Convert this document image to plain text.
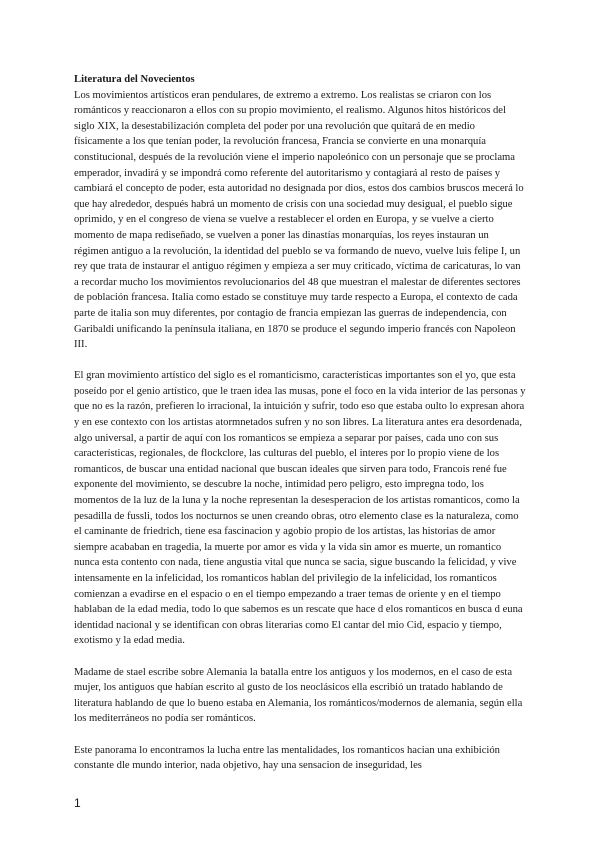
Literatura del Novecientos

Los movimientos artísticos eran pendulares, de extremo a extremo. Los realistas se criaron con los románticos y reaccionaron a ellos con su propio movimiento, el realismo. Algunos hitos históricos del siglo XIX, la desestabilización completa del poder por una revolución que quitará de en medio físicamente a los que tenían poder, la revolución francesa, Francia se convierte en una monarquía constitucional, después de la revolución viene el imperio napoleónico con un personaje que se proclama emperador, invadirá y se impondrá como referente del autoritarismo y contagiará al resto de países y cambiará el concepto de poder, esta autoridad no designada por dios, estos dos cambios bruscos mecerá lo que hay alrededor, después habrá un momento de crisis con una sociedad muy desigual, el pueblo sigue oprimido, y en el congreso de viena se vuelve a restablecer el orden en Europa, y se vuelve a cierto momento de mapa rediseñado, se vuelven a poner las dinastías monarquías, los reyes instauran un régimen antiguo a la revolución, la identidad del pueblo se va formando de nuevo, vuelve luis felipe I, un rey que trata de instaurar el antiguo régimen y empieza a ser muy criticado, víctima de caricaturas, lo van a recordar mucho los movimientos revolucionarios del 48 que muestran el malestar de diferentes sectores de población francesa. Italia como estado se constituye muy tarde respecto a Europa, el contexto de cada parte de italia son muy diferentes, por contagio de francia empiezan las guerras de independencia, con Garibaldi unificando la península italiana, en 1870 se produce el segundo imperio francés con Napoleon III.

El gran movimiento artístico del siglo es el romanticismo, características importantes son el yo, que esta poseído por el genio artístico, que le traen idea las musas, pone el foco en la vida interior de las personas y que no es la razón, prefieren lo irracional, la intuición y sufrir, todo eso que estaba oulto lo expresan ahora y en ese contexto con los artistas atormnetados sufren y no son libres. La literatura antes era desordenada, algo universal, a partir de aquí con los romanticos se empieza a separar por países, cada uno con sus características, regionales, de flockclore, las culturas del pueblo, el interes por lo propio viene de los romanticos, de buscar una entidad nacional que buscan ideales que sirven para todo, Francois rené fue exponente del movimiento, se descubre la noche, intimidad pero peligro, esto impregna todo, los momentos de la luz de la luna y la noche representan la desesperacion de los artistas romanticos, como la pesadilla de fussli, todos los nocturnos se unen creando obras, otro elemento clase es la naturaleza, como el caminante de friedrich, tiene esa fascinacion y agobio propio de los artistas, las historias de amor siempre acababan en tragedia, la muerte por amor es vida y la vida sin amor es muerte, un romantico nunca esta contento con nada, tiene angustia vital que nunca se sacia, sigue buscando la felicidad, y vive intensamente en la infelicidad, los romanticos hablan del privilegio de la infelicidad, los romanticos comienzan a evadirse en el espacio o en el tiempo empezando a traer temas de oriente y en el tiempo hablaban de la edad media, todo lo que sabemos es un rescate que hace d elos romanticos en busca d euna identidad nacional y se identifican con obras literarias como El cantar del mio Cid, espacio y tiempo, exotismo y la edad media.

Madame de stael escribe sobre Alemania la batalla entre los antiguos y los modernos, en el caso de esta mujer, los antiguos que habían escrito al gusto de los neoclásicos ella escribió un tratado hablando de literatura hablando de que lo bueno estaba en Alemania, los románticos/modernos de alemania, según ella los mediterráneos no podía ser románticos.

Este panorama lo encontramos la lucha entre las mentalidades, los romanticos hacian una exhibición constante dle mundo interior, nada objetivo, hay una sensacion de inseguridad, les

1
